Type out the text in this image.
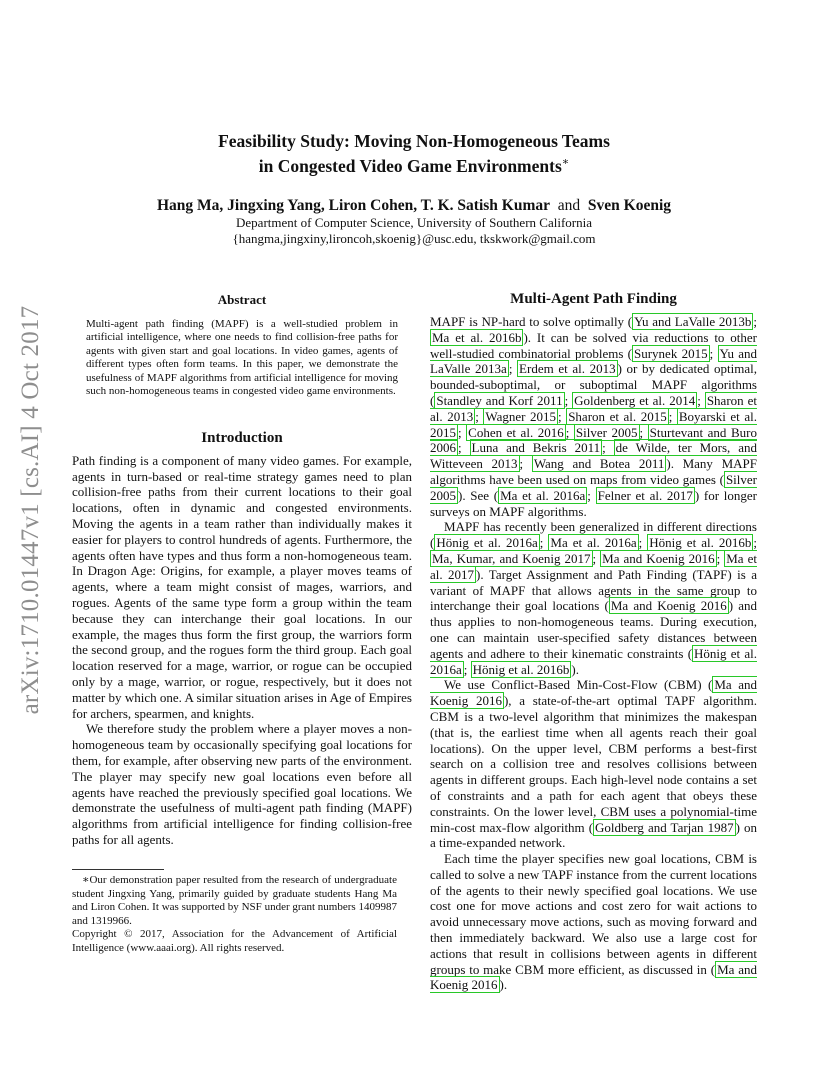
arXiv:1710.01447v1 [cs.AI] 4 Oct 2017
Feasibility Study: Moving Non-Homogeneous Teams
in Congested Video Game Environments∗
Hang Ma, Jingxing Yang, Liron Cohen, T. K. Satish Kumar and Sven Koenig
Department of Computer Science, University of Southern California
{hangma,jingxiny,lironcoh,skoenig}@usc.edu, tkskwork@gmail.com
Abstract

Multi-agent path finding (MAPF) is a well-studied problem in artificial intelligence, where one needs to find collision-free paths for agents with given start and goal locations. In video games, agents of different types often form teams. In this paper, we demonstrate the usefulness of MAPF algorithms from artificial intelligence for moving such non-homogeneous teams in congested video game environments.

Introduction

Path finding is a component of many video games. For example, agents in turn-based or real-time strategy games need to plan collision-free paths from their current locations to their goal locations, often in dynamic and congested environments. Moving the agents in a team rather than individually makes it easier for players to control hundreds of agents. Furthermore, the agents often have types and thus form a non-homogeneous team. In Dragon Age: Origins, for example, a player moves teams of agents, where a team might consist of mages, warriors, and rogues. Agents of the same type form a group within the team because they can interchange their goal locations. In our example, the mages thus form the first group, the warriors form the second group, and the rogues form the third group. Each goal location reserved for a mage, warrior, or rogue can be occupied only by a mage, warrior, or rogue, respectively, but it does not matter by which one. A similar situation arises in Age of Empires for archers, spearmen, and knights.

We therefore study the problem where a player moves a non-homogeneous team by occasionally specifying goal locations for them, for example, after observing new parts of the environment. The player may specify new goal locations even before all agents have reached the previously specified goal locations. We demonstrate the usefulness of multi-agent path finding (MAPF) algorithms from artificial intelligence for finding collision-free paths for all agents.

∗Our demonstration paper resulted from the research of undergraduate student Jingxing Yang, primarily guided by graduate students Hang Ma and Liron Cohen. It was supported by NSF under grant numbers 1409987 and 1319966.

Copyright © 2017, Association for the Advancement of Artificial Intelligence (www.aaai.org). All rights reserved.

Multi-Agent Path Finding

MAPF is NP-hard to solve optimally ( Yu and LaValle 2013b ; Ma et al. 2016b ). It can be solved via reductions to other well-studied combinatorial problems ( Surynek 2015 ; Yu and LaValle 2013a ; Erdem et al. 2013 ) or by dedicated optimal, bounded-suboptimal, or suboptimal MAPF algorithms ( Standley and Korf 2011 ; Goldenberg et al. 2014 ; Sharon et al. 2013 ; Wagner 2015 ; Sharon et al. 2015 ; Boyarski et al. 2015 ; Cohen et al. 2016 ; Silver 2005 ; Sturtevant and Buro 2006 ; Luna and Bekris 2011 ; de Wilde, ter Mors, and Witteveen 2013 ; Wang and Botea 2011 ). Many MAPF algorithms have been used on maps from video games ( Silver 2005 ). See ( Ma et al. 2016a ; Felner et al. 2017 ) for longer surveys on MAPF algorithms.

MAPF has recently been generalized in different directions ( Hönig et al. 2016a ; Ma et al. 2016a ; Hönig et al. 2016b ; Ma, Kumar, and Koenig 2017 ; Ma and Koenig 2016 ; Ma et al. 2017 ). Target Assignment and Path Finding (TAPF) is a variant of MAPF that allows agents in the same group to interchange their goal locations ( Ma and Koenig 2016 ) and thus applies to non-homogeneous teams. During execution, one can maintain user-specified safety distances between agents and adhere to their kinematic constraints ( Hönig et al. 2016a ; Hönig et al. 2016b ).

We use Conflict-Based Min-Cost-Flow (CBM) ( Ma and Koenig 2016 ), a state-of-the-art optimal TAPF algorithm. CBM is a two-level algorithm that minimizes the makespan (that is, the earliest time when all agents reach their goal locations). On the upper level, CBM performs a best-first search on a collision tree and resolves collisions between agents in different groups. Each high-level node contains a set of constraints and a path for each agent that obeys these constraints. On the lower level, CBM uses a polynomial-time min-cost max-flow algorithm ( Goldberg and Tarjan 1987 ) on a time-expanded network.

Each time the player specifies new goal locations, CBM is called to solve a new TAPF instance from the current locations of the agents to their newly specified goal locations. We use cost one for move actions and cost zero for wait actions to avoid unnecessary move actions, such as moving forward and then immediately backward. We also use a large cost for actions that result in collisions between agents in different groups to make CBM more efficient, as discussed in ( Ma and Koenig 2016 ).
